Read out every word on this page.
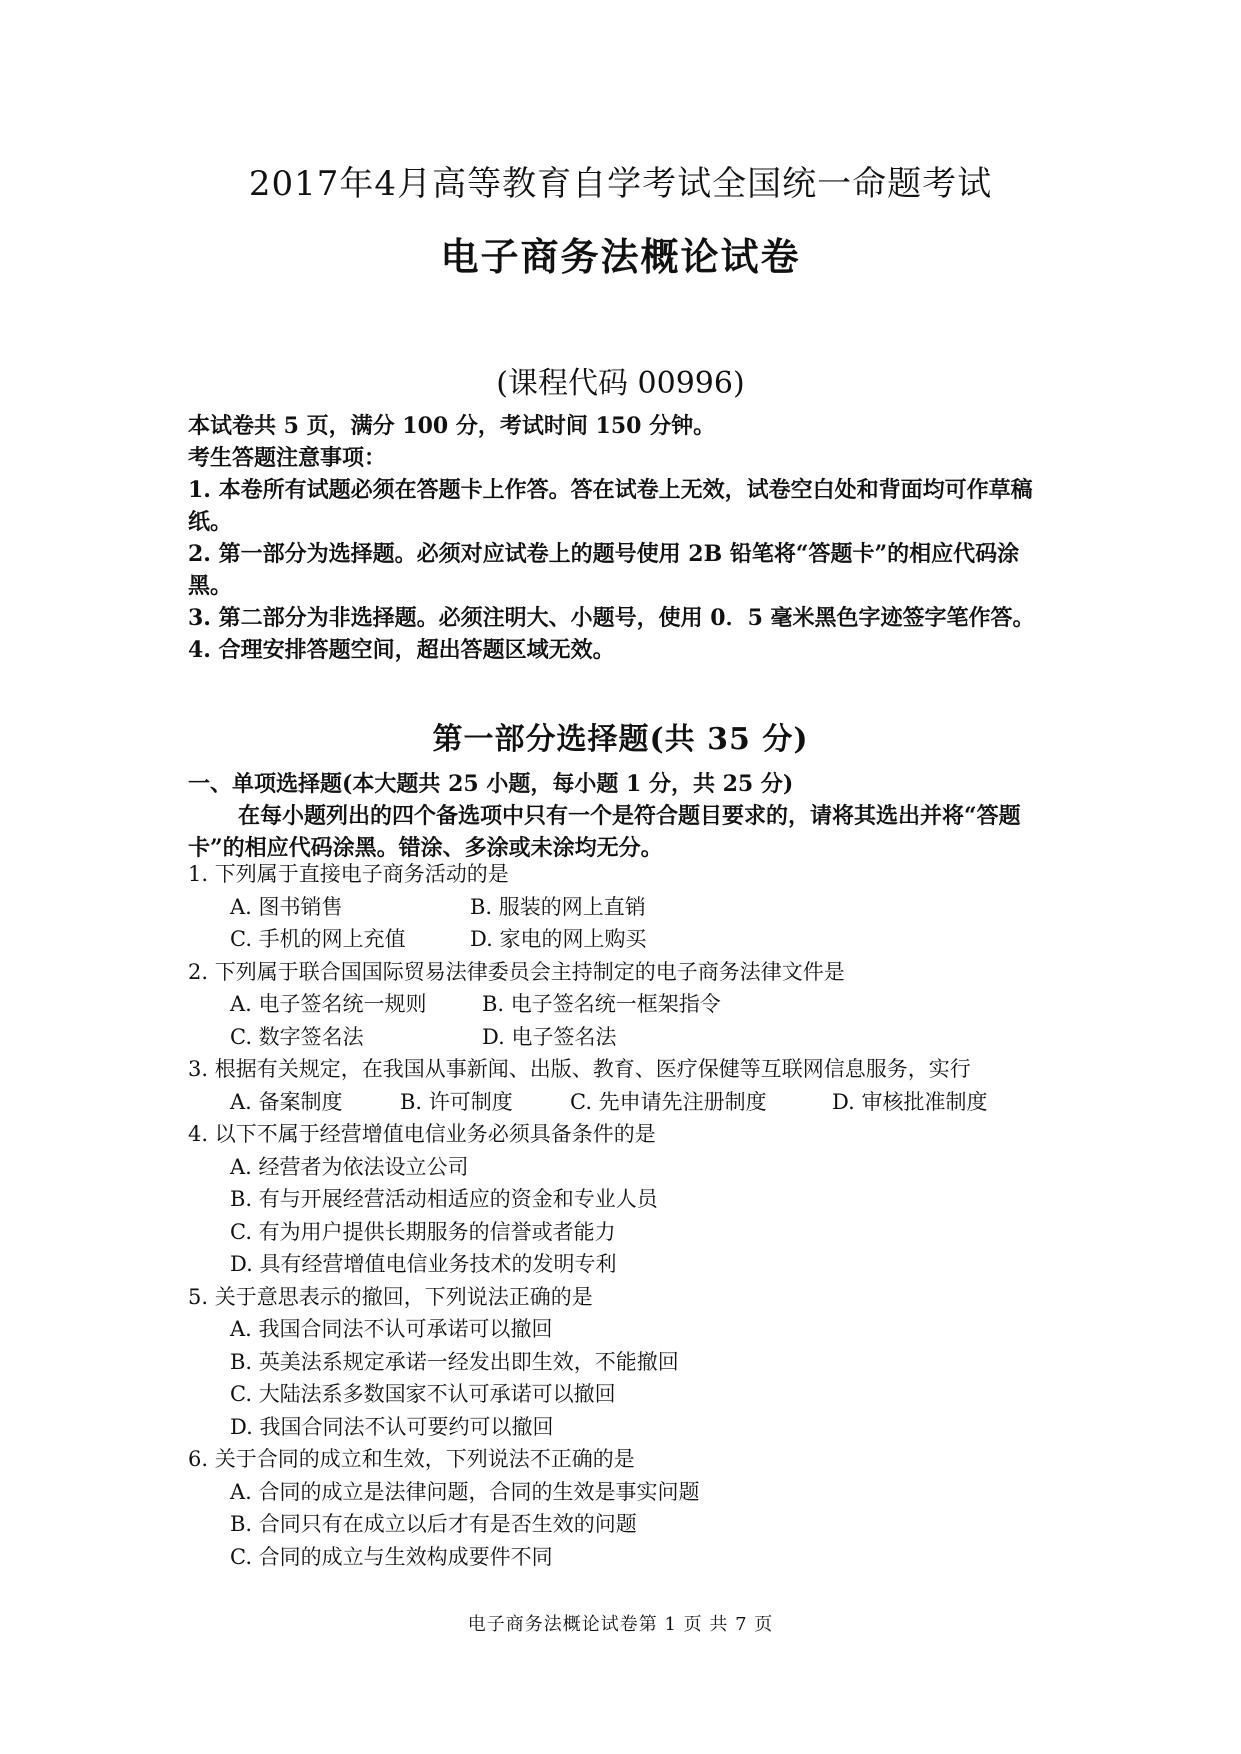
2017年4月高等教育自学考试全国统一命题考试
电子商务法概论试卷
(课程代码 00996)

本试卷共 5 页，满分 100 分，考试时间 150 分钟。

考生答题注意事项：

1. 本卷所有试题必须在答题卡上作答。答在试卷上无效，试卷空白处和背面均可作草稿纸。

2. 第一部分为选择题。必须对应试卷上的题号使用 2B 铅笔将“答题卡”的相应代码涂黑。

3. 第二部分为非选择题。必须注明大、小题号，使用 0．5 毫米黑色字迹签字笔作答。

4. 合理安排答题空间，超出答题区域无效。

第一部分选择题(共 35 分)

一、单项选择题(本大题共 25 小题，每小题 1 分，共 25 分)

在每小题列出的四个备选项中只有一个是符合题目要求的，请将其选出并将“答题卡”的相应代码涂黑。错涂、多涂或未涂均无分。

1. 下列属于直接电子商务活动的是

A. 图书销售	B. 服装的网上直销
C. 手机的网上充值	D. 家电的网上购买

2. 下列属于联合国国际贸易法律委员会主持制定的电子商务法律文件是

A. 电子签名统一规则	B. 电子签名统一框架指令
C. 数字签名法	D. 电子签名法

3. 根据有关规定，在我国从事新闻、出版、教育、医疗保健等互联网信息服务，实行

A. 备案制度	B. 许可制度	C. 先申请先注册制度	D. 审核批准制度

4. 以下不属于经营增值电信业务必须具备条件的是

A. 经营者为依法设立公司
B. 有与开展经营活动相适应的资金和专业人员
C. 有为用户提供长期服务的信誉或者能力
D. 具有经营增值电信业务技术的发明专利

5. 关于意思表示的撤回，下列说法正确的是

A. 我国合同法不认可承诺可以撤回
B. 英美法系规定承诺一经发出即生效，不能撤回
C. 大陆法系多数国家不认可承诺可以撤回
D. 我国合同法不认可要约可以撤回

6. 关于合同的成立和生效，下列说法不正确的是

A. 合同的成立是法律问题，合同的生效是事实问题
B. 合同只有在成立以后才有是否生效的问题
C. 合同的成立与生效构成要件不同
电子商务法概论试卷第 1 页 共 7 页
